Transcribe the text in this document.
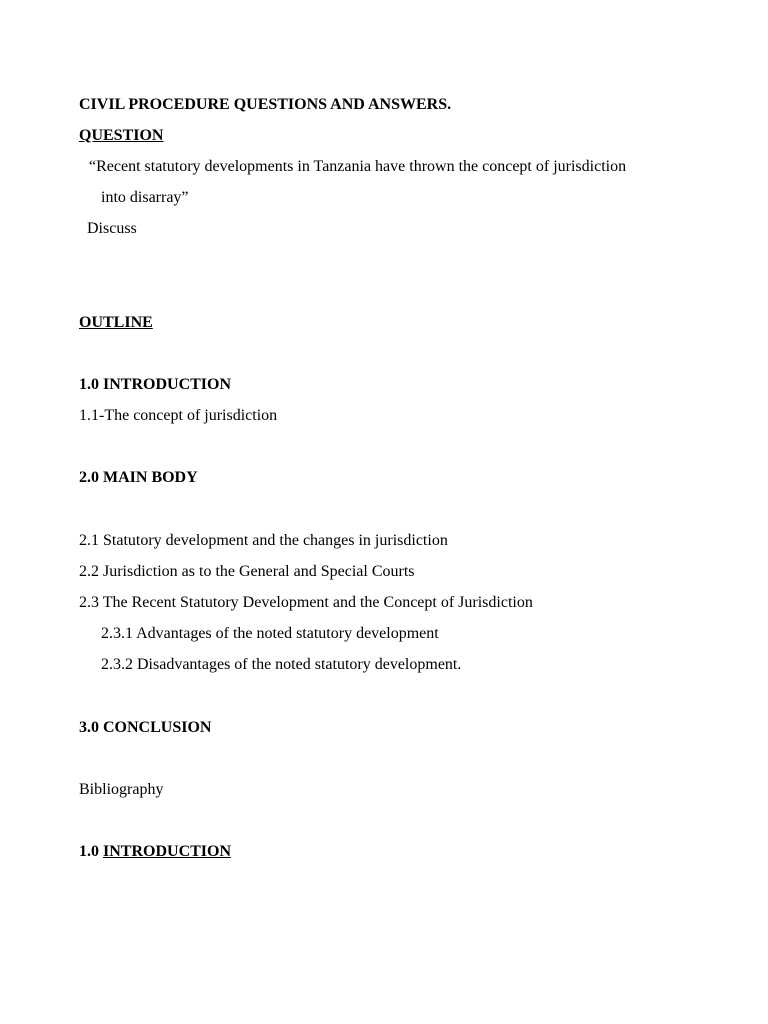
CIVIL PROCEDURE QUESTIONS AND ANSWERS.

QUESTION

“Recent statutory developments in Tanzania have thrown the concept of jurisdiction

into disarray”

Discuss

OUTLINE

1.0 INTRODUCTION

1.1-The concept of jurisdiction

2.0 MAIN BODY

2.1 Statutory development and the changes in jurisdiction

2.2 Jurisdiction as to the General and Special Courts

2.3 The Recent Statutory Development and the Concept of Jurisdiction

2.3.1 Advantages of the noted statutory development

2.3.2 Disadvantages of the noted statutory development.

3.0 CONCLUSION

Bibliography

1.0 INTRODUCTION
